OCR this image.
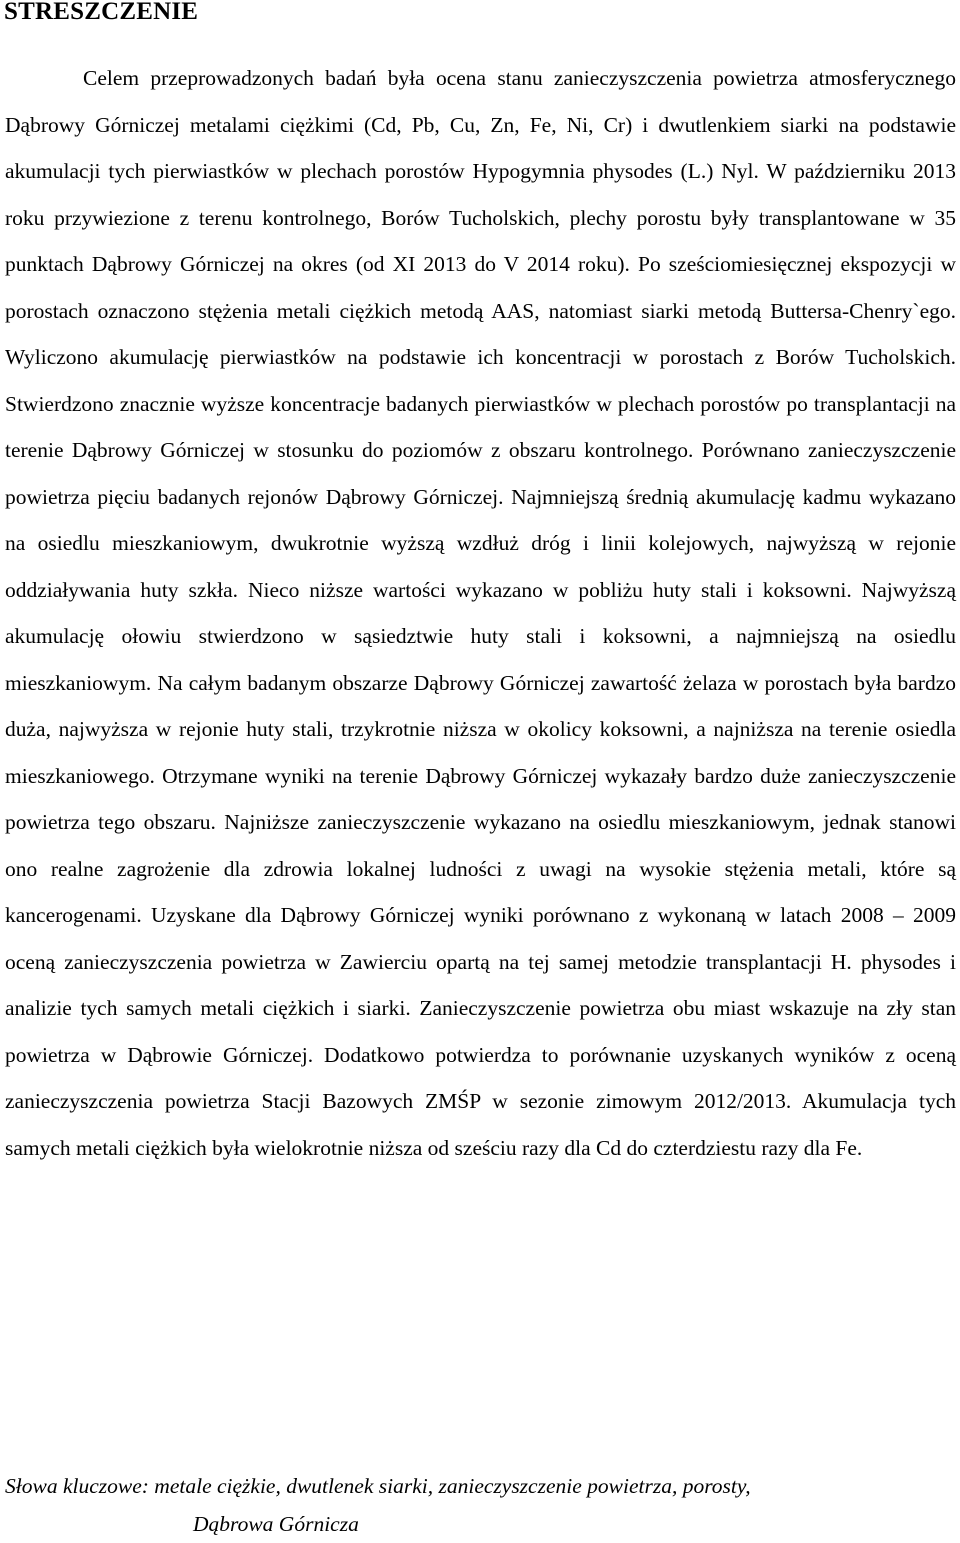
STRESZCZENIE

Celem przeprowadzonych badań była ocena stanu zanieczyszczenia powietrza atmosferycznego Dąbrowy Górniczej metalami ciężkimi (Cd, Pb, Cu, Zn, Fe, Ni, Cr) i dwutlenkiem siarki na podstawie akumulacji tych pierwiastków w plechach porostów Hypogymnia physodes (L.) Nyl. W październiku 2013 roku przywiezione z terenu kontrolnego, Borów Tucholskich, plechy porostu były transplantowane w 35 punktach Dąbrowy Górniczej na okres (od XI 2013 do V 2014 roku). Po sześciomiesięcznej ekspozycji w porostach oznaczono stężenia metali ciężkich metodą AAS, natomiast siarki metodą Buttersa-Chenry`ego. Wyliczono akumulację pierwiastków na podstawie ich koncentracji w porostach z Borów Tucholskich. Stwierdzono znacznie wyższe koncentracje badanych pierwiastków w plechach porostów po transplantacji na terenie Dąbrowy Górniczej w stosunku do poziomów z obszaru kontrolnego. Porównano zanieczyszczenie powietrza pięciu badanych rejonów Dąbrowy Górniczej. Najmniejszą średnią akumulację kadmu wykazano na osiedlu mieszkaniowym, dwukrotnie wyższą wzdłuż dróg i linii kolejowych, najwyższą w rejonie oddziaływania huty szkła. Nieco niższe wartości wykazano w pobliżu huty stali i koksowni. Najwyższą akumulację ołowiu stwierdzono w sąsiedztwie huty stali i koksowni, a najmniejszą na osiedlu mieszkaniowym. Na całym badanym obszarze Dąbrowy Górniczej zawartość żelaza w porostach była bardzo duża, najwyższa w rejonie huty stali, trzykrotnie niższa w okolicy koksowni, a najniższa na terenie osiedla mieszkaniowego. Otrzymane wyniki na terenie Dąbrowy Górniczej wykazały bardzo duże zanieczyszczenie powietrza tego obszaru. Najniższe zanieczyszczenie wykazano na osiedlu mieszkaniowym, jednak stanowi ono realne zagrożenie dla zdrowia lokalnej ludności z uwagi na wysokie stężenia metali, które są kancerogenami. Uzyskane dla Dąbrowy Górniczej wyniki porównano z wykonaną w latach 2008 – 2009 oceną zanieczyszczenia powietrza w Zawierciu opartą na tej samej metodzie transplantacji H. physodes i analizie tych samych metali ciężkich i siarki. Zanieczyszczenie powietrza obu miast wskazuje na zły stan powietrza w Dąbrowie Górniczej. Dodatkowo potwierdza to porównanie uzyskanych wyników z oceną zanieczyszczenia powietrza Stacji Bazowych ZMŚP w sezonie zimowym 2012/2013. Akumulacja tych samych metali ciężkich była wielokrotnie niższa od sześciu razy dla Cd do czterdziestu razy dla Fe.

Słowa kluczowe: metale ciężkie, dwutlenek siarki, zanieczyszczenie powietrza, porosty,
Dąbrowa Górnicza
